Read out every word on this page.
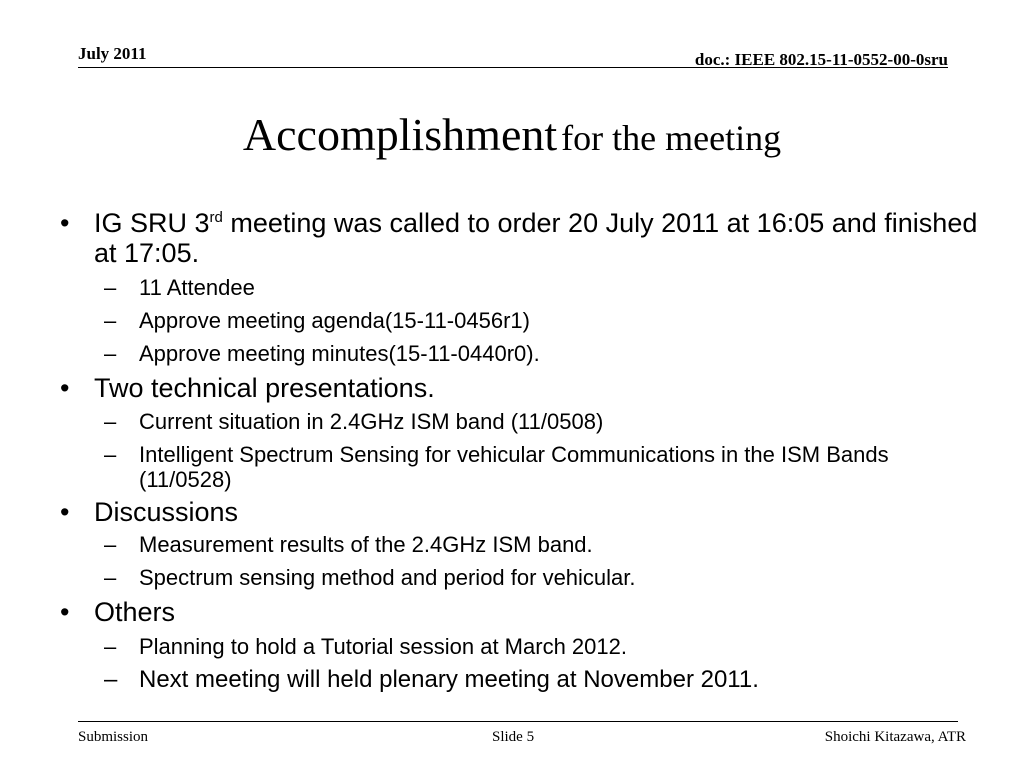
July 2011	doc.: IEEE 802.15-11-0552-00-0sru
Accomplishment for the meeting
• IG SRU 3rd meeting was called to order 20 July 2011 at 16:05 and finished at 17:05.
– 11 Attendee
– Approve meeting agenda(15-11-0456r1)
– Approve meeting minutes(15-11-0440r0).
• Two technical presentations.
– Current situation in 2.4GHz ISM band (11/0508)
– Intelligent Spectrum Sensing for vehicular Communications in the ISM Bands (11/0528)
• Discussions
– Measurement results of the 2.4GHz ISM band.
– Spectrum sensing method and period for vehicular.
• Others
– Planning to hold a Tutorial session at March 2012.
– Next meeting will held plenary meeting at November 2011.
Submission	Slide 5	Shoichi Kitazawa, ATR
